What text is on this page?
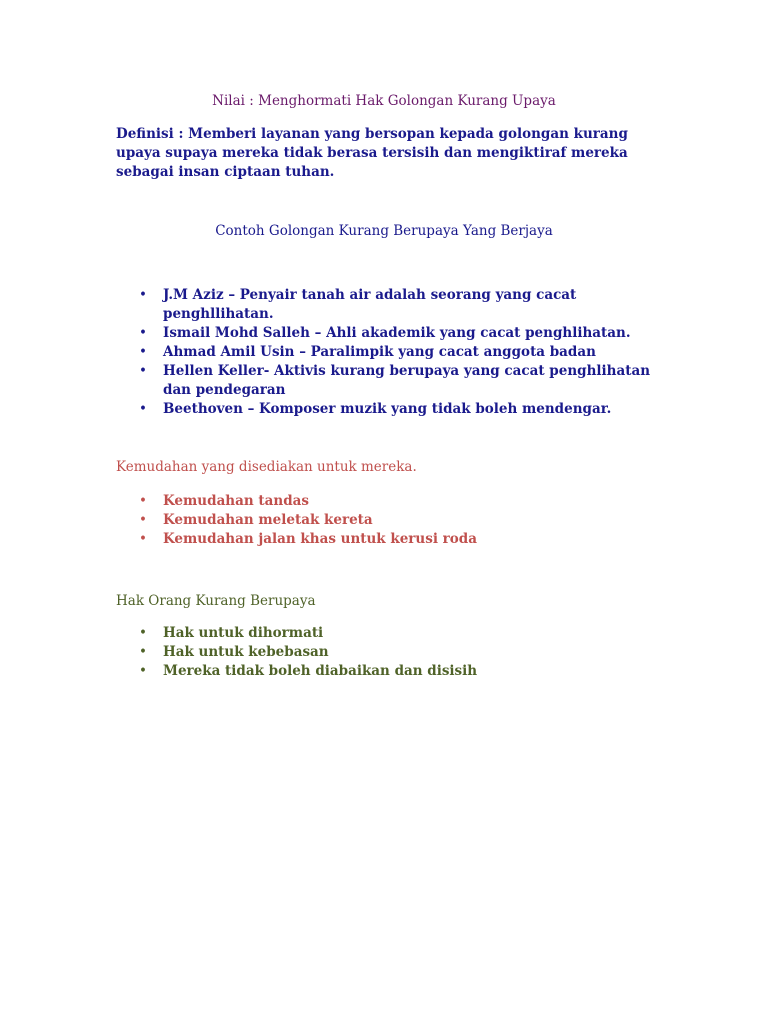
Nilai : Menghormati Hak Golongan Kurang Upaya
Definisi : Memberi layanan yang bersopan kepada golongan kurang upaya supaya mereka tidak berasa tersisih dan mengiktiraf mereka sebagai insan ciptaan tuhan.
Contoh Golongan Kurang Berupaya Yang Berjaya
• J.M Aziz – Penyair tanah air adalah seorang yang cacat penghllihatan.
• Ismail Mohd Salleh – Ahli akademik yang cacat penghlihatan.
• Ahmad Amil Usin – Paralimpik yang cacat anggota badan
• Hellen Keller- Aktivis kurang berupaya yang cacat penghlihatan dan pendegaran
• Beethoven – Komposer muzik yang tidak boleh mendengar.
Kemudahan yang disediakan untuk mereka.
• Kemudahan tandas
• Kemudahan meletak kereta
• Kemudahan jalan khas untuk kerusi roda
Hak Orang Kurang Berupaya
• Hak untuk dihormati
• Hak untuk kebebasan
• Mereka tidak boleh diabaikan dan disisih
